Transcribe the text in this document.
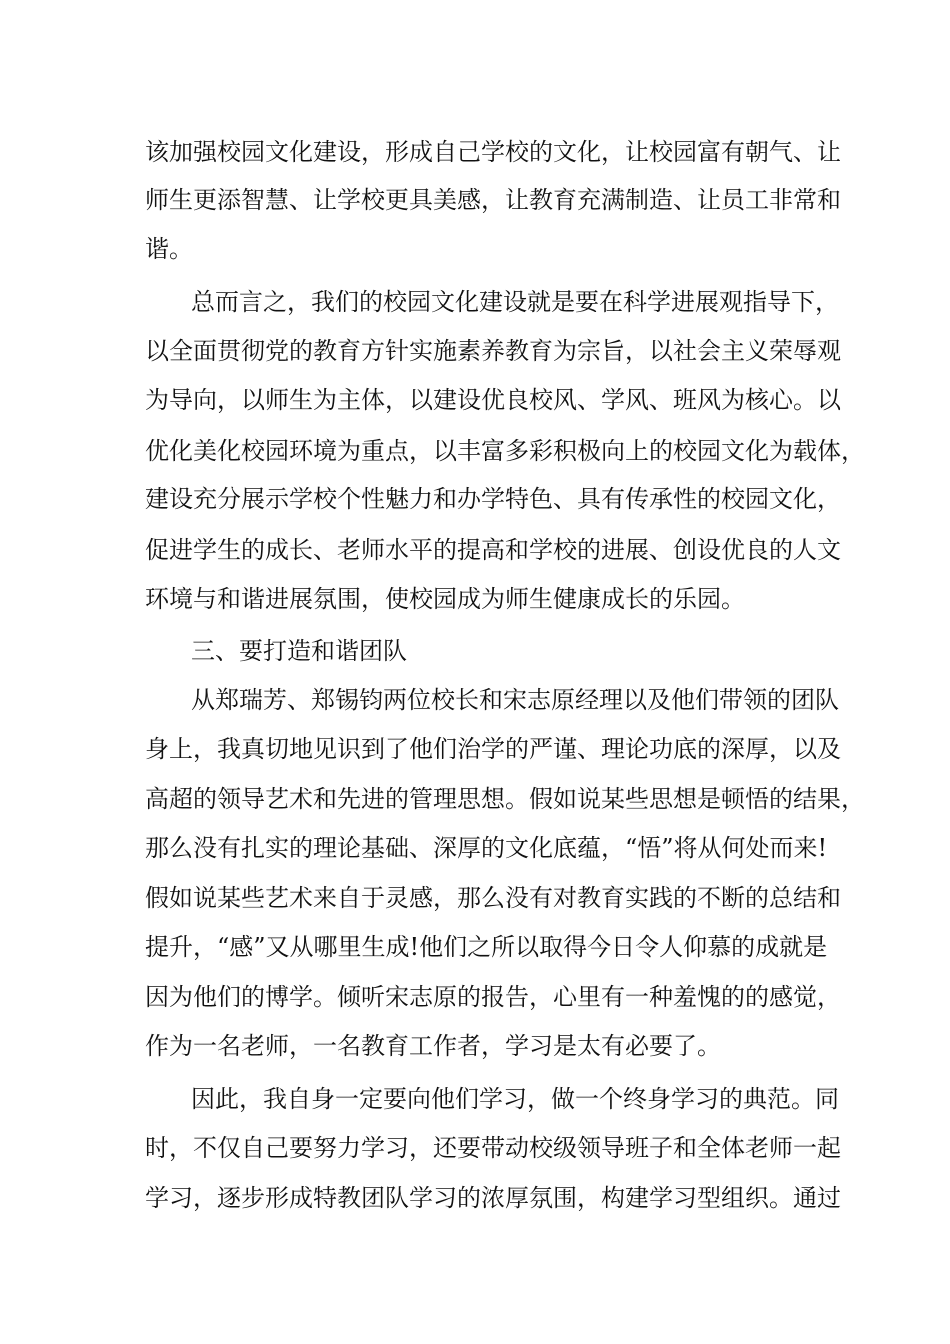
该加强校园文化建设，形成自己学校的文化，让校园富有朝气、让

师生更添智慧、让学校更具美感，让教育充满制造、让员工非常和

谐。

总而言之，我们的校园文化建设就是要在科学进展观指导下，

以全面贯彻党的教育方针实施素养教育为宗旨，以社会主义荣辱观

为导向，以师生为主体，以建设优良校风、学风、班风为核心。以

优化美化校园环境为重点，以丰富多彩积极向上的校园文化为载体，

建设充分展示学校个性魅力和办学特色、具有传承性的校园文化，

促进学生的成长、老师水平的提高和学校的进展、创设优良的人文

环境与和谐进展氛围，使校园成为师生健康成长的乐园。

三、要打造和谐团队

从郑瑞芳、郑锡钧两位校长和宋志原经理以及他们带领的团队

身上，我真切地见识到了他们治学的严谨、理论功底的深厚，以及

高超的领导艺术和先进的管理思想。假如说某些思想是顿悟的结果，

那么没有扎实的理论基础、深厚的文化底蕴，“悟”将从何处而来!

假如说某些艺术来自于灵感，那么没有对教育实践的不断的总结和

提升，“感”又从哪里生成!他们之所以取得今日令人仰慕的成就是

因为他们的博学。倾听宋志原的报告，心里有一种羞愧的的感觉，

作为一名老师，一名教育工作者，学习是太有必要了。

因此，我自身一定要向他们学习，做一个终身学习的典范。同

时，不仅自己要努力学习，还要带动校级领导班子和全体老师一起

学习，逐步形成特教团队学习的浓厚氛围，构建学习型组织。通过
